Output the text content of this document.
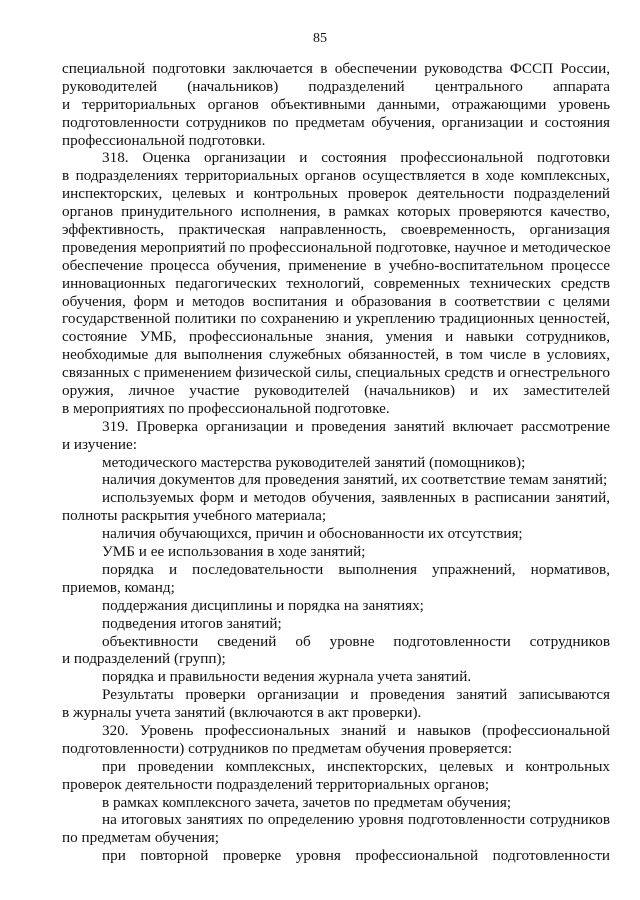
85
специальной подготовки заключается в обеспечении руководства ФССП России,
руководителей (начальников) подразделений центрального аппарата
и территориальных органов объективными данными, отражающими уровень
подготовленности сотрудников по предметам обучения, организации и состояния
профессиональной подготовки.
318. Оценка организации и состояния профессиональной подготовки
в подразделениях территориальных органов осуществляется в ходе комплексных,
инспекторских, целевых и контрольных проверок деятельности подразделений
органов принудительного исполнения, в рамках которых проверяются качество,
эффективность, практическая направленность, своевременность, организация
проведения мероприятий по профессиональной подготовке, научное и методическое
обеспечение процесса обучения, применение в учебно-воспитательном процессе
инновационных педагогических технологий, современных технических средств
обучения, форм и методов воспитания и образования в соответствии с целями
государственной политики по сохранению и укреплению традиционных ценностей,
состояние УМБ, профессиональные знания, умения и навыки сотрудников,
необходимые для выполнения служебных обязанностей, в том числе в условиях,
связанных с применением физической силы, специальных средств и огнестрельного
оружия, личное участие руководителей (начальников) и их заместителей
в мероприятиях по профессиональной подготовке.
319. Проверка организации и проведения занятий включает рассмотрение
и изучение:
методического мастерства руководителей занятий (помощников);
наличия документов для проведения занятий, их соответствие темам занятий;
используемых форм и методов обучения, заявленных в расписании занятий,
полноты раскрытия учебного материала;
наличия обучающихся, причин и обоснованности их отсутствия;
УМБ и ее использования в ходе занятий;
порядка и последовательности выполнения упражнений, нормативов,
приемов, команд;
поддержания дисциплины и порядка на занятиях;
подведения итогов занятий;
объективности сведений об уровне подготовленности сотрудников
и подразделений (групп);
порядка и правильности ведения журнала учета занятий.
Результаты проверки организации и проведения занятий записываются
в журналы учета занятий (включаются в акт проверки).
320. Уровень профессиональных знаний и навыков (профессиональной
подготовленности) сотрудников по предметам обучения проверяется:
при проведении комплексных, инспекторских, целевых и контрольных
проверок деятельности подразделений территориальных органов;
в рамках комплексного зачета, зачетов по предметам обучения;
на итоговых занятиях по определению уровня подготовленности сотрудников
по предметам обучения;
при повторной проверке уровня профессиональной подготовленности
